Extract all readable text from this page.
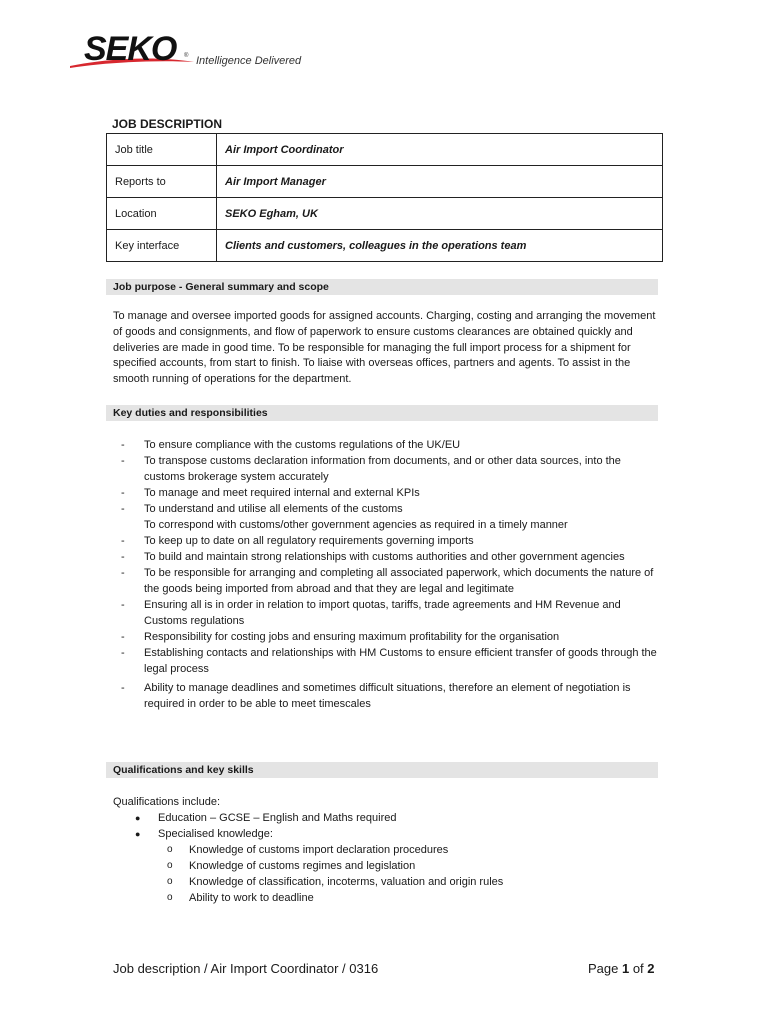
SEKO ® Intelligence Delivered
JOB DESCRIPTION
Job title	Air Import Coordinator
Reports to	Air Import Manager
Location	SEKO Egham, UK
Key interface	Clients and customers, colleagues in the operations team
Job purpose - General summary and scope

To manage and oversee imported goods for assigned accounts. Charging, costing and arranging the movement of goods and consignments, and flow of paperwork to ensure customs clearances are obtained quickly and deliveries are made in good time. To be responsible for managing the full import process for a shipment for specified accounts, from start to finish. To liaise with overseas offices, partners and agents. To assist in the smooth running of operations for the department.

Key duties and responsibilities
- To ensure compliance with the customs regulations of the UK/EU
- To transpose customs declaration information from documents, and or other data sources, into the customs brokerage system accurately
- To manage and meet required internal and external KPIs
- To understand and utilise all elements of the customs
To correspond with customs/other government agencies as required in a timely manner
- To keep up to date on all regulatory requirements governing imports
- To build and maintain strong relationships with customs authorities and other government agencies
- To be responsible for arranging and completing all associated paperwork, which documents the nature of the goods being imported from abroad and that they are legal and legitimate
- Ensuring all is in order in relation to import quotas, tariffs, trade agreements and HM Revenue and Customs regulations
- Responsibility for costing jobs and ensuring maximum profitability for the organisation
- Establishing contacts and relationships with HM Customs to ensure efficient transfer of goods through the legal process
- Ability to manage deadlines and sometimes difficult situations, therefore an element of negotiation is required in order to be able to meet timescales
Qualifications and key skills
Qualifications include:
● Education – GCSE – English and Maths required
● Specialised knowledge:
o Knowledge of customs import declaration procedures
o Knowledge of customs regimes and legislation
o Knowledge of classification, incoterms, valuation and origin rules
o Ability to work to deadline
Job description / Air Import Coordinator / 0316	Page 1 of 2
